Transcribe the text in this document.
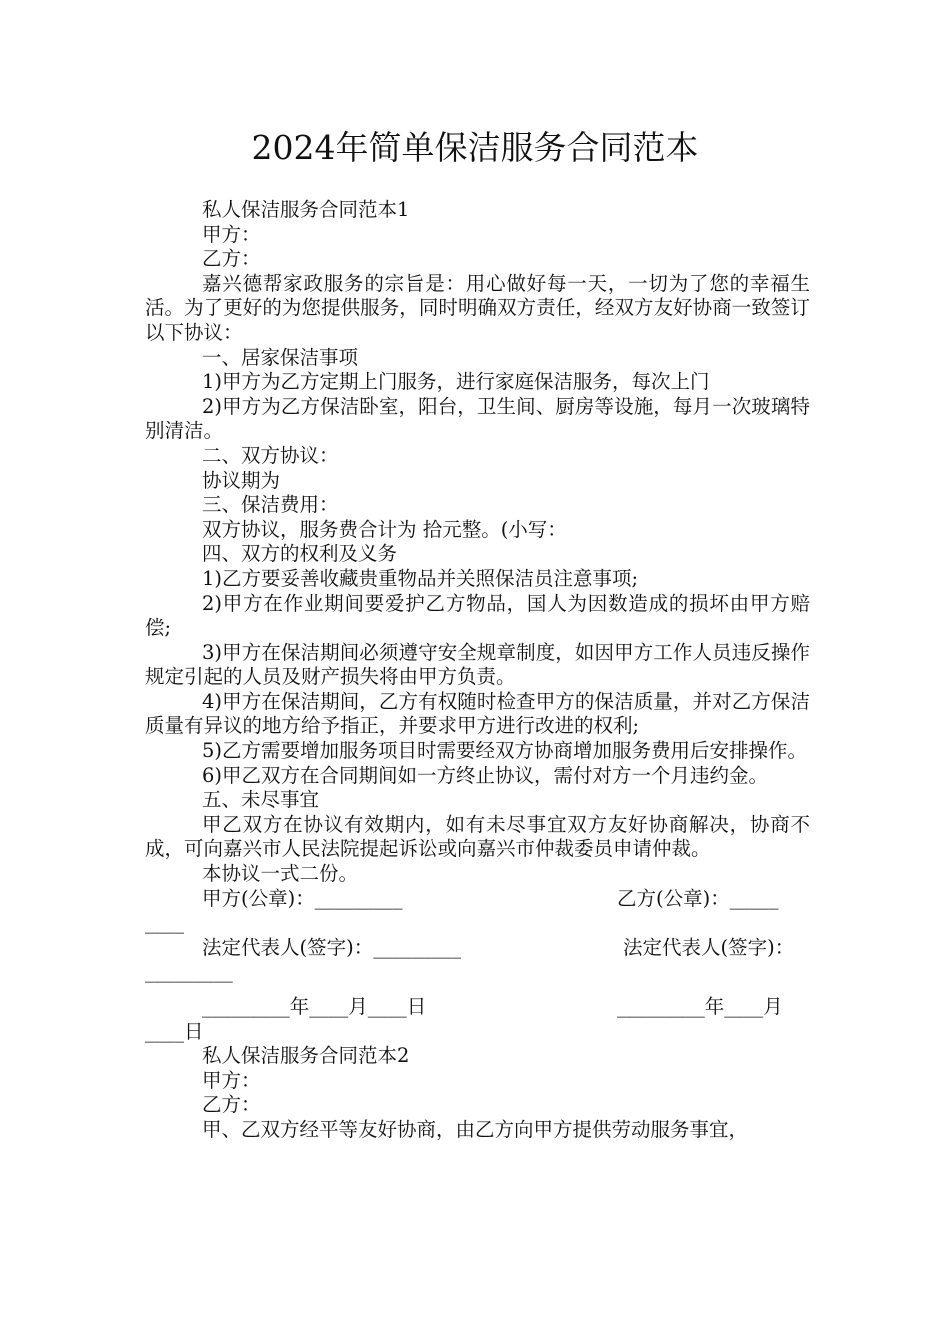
2024年简单保洁服务合同范本

私人保洁服务合同范本1

甲方：

乙方：

嘉兴德帮家政服务的宗旨是：用心做好每一天，一切为了您的幸福生活。为了更好的为您提供服务，同时明确双方责任，经双方友好协商一致签订以下协议：

一、居家保洁事项

1)甲方为乙方定期上门服务，进行家庭保洁服务，每次上门

2)甲方为乙方保洁卧室，阳台，卫生间、厨房等设施，每月一次玻璃特别清洁。

二、双方协议：

协议期为

三、保洁费用：

双方协议，服务费合计为 拾元整。(小写：

四、双方的权利及义务

1)乙方要妥善收藏贵重物品并关照保洁员注意事项;

2)甲方在作业期间要爱护乙方物品，国人为因数造成的损坏由甲方赔偿;

3)甲方在保洁期间必须遵守安全规章制度，如因甲方工作人员违反操作规定引起的人员及财产损失将由甲方负责。

4)甲方在保洁期间，乙方有权随时检查甲方的保洁质量，并对乙方保洁质量有异议的地方给予指正，并要求甲方进行改进的权利;

5)乙方需要增加服务项目时需要经双方协商增加服务费用后安排操作。

6)甲乙双方在合同期间如一方终止协议，需付对方一个月违约金。

五、未尽事宜

甲乙双方在协议有效期内，如有未尽事宜双方友好协商解决，协商不成，可向嘉兴市人民法院提起诉讼或向嘉兴市仲裁委员申请仲裁。

本协议一式二份。

甲方(公章)：_________	乙方(公章)：_____
____
法定代表人(签字)：_________	法定代表人(签字)：
_________
_________年____月____日	_________年____月
____日

私人保洁服务合同范本2

甲方：

乙方：

甲、乙双方经平等友好协商，由乙方向甲方提供劳动服务事宜，
